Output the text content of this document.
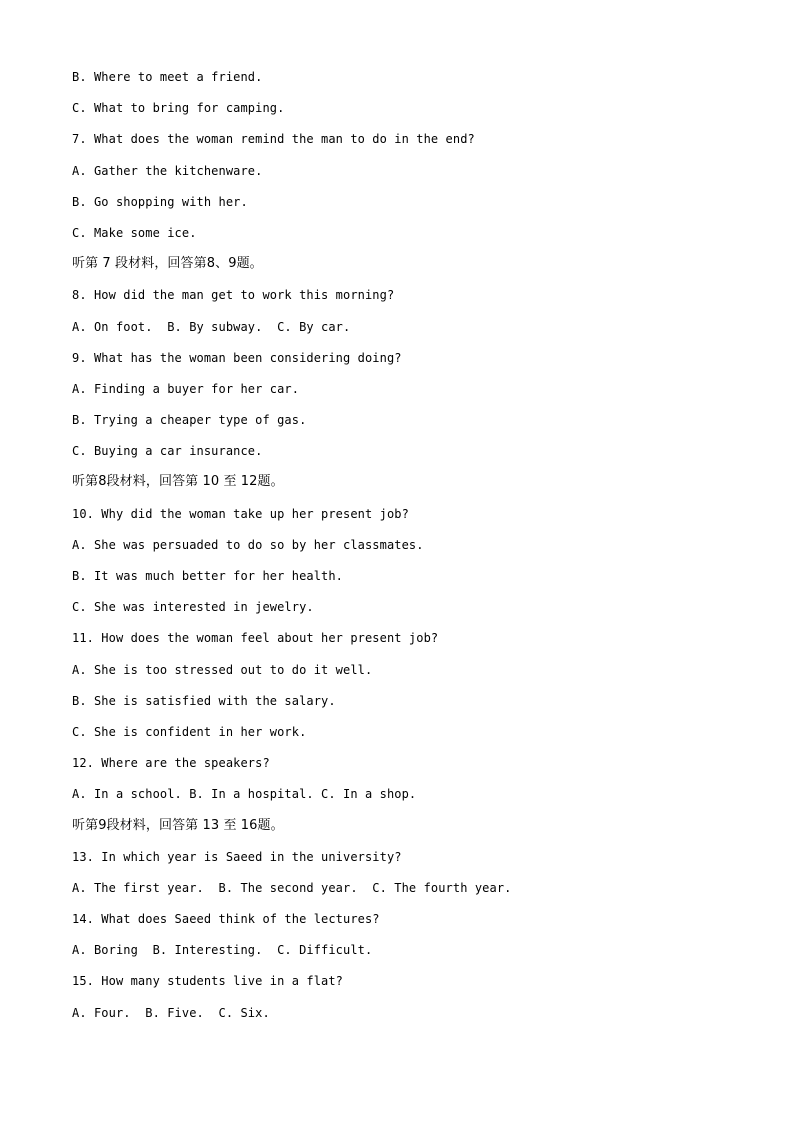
B. Where to meet a friend.
C. What to bring for camping.
7. What does the woman remind the man to do in the end?
A. Gather the kitchenware.
B. Go shopping with her.
C. Make some ice.
听第 7 段材料，回答第8、9题。
8. How did the man get to work this morning?
A. On foot.  B. By subway.  C. By car.
9. What has the woman been considering doing?
A. Finding a buyer for her car.
B. Trying a cheaper type of gas.
C. Buying a car insurance.
听第8段材料，回答第 10 至 12题。
10. Why did the woman take up her present job?
A. She was persuaded to do so by her classmates.
B. It was much better for her health.
C. She was interested in jewelry.
11. How does the woman feel about her present job?
A. She is too stressed out to do it well.
B. She is satisfied with the salary.
C. She is confident in her work.
12. Where are the speakers?
A. In a school. B. In a hospital. C. In a shop.
听第9段材料，回答第 13 至 16题。
13. In which year is Saeed in the university?
A. The first year.  B. The second year.  C. The fourth year.
14. What does Saeed think of the lectures?
A. Boring  B. Interesting.  C. Difficult.
15. How many students live in a flat?
A. Four.  B. Five.  C. Six.
